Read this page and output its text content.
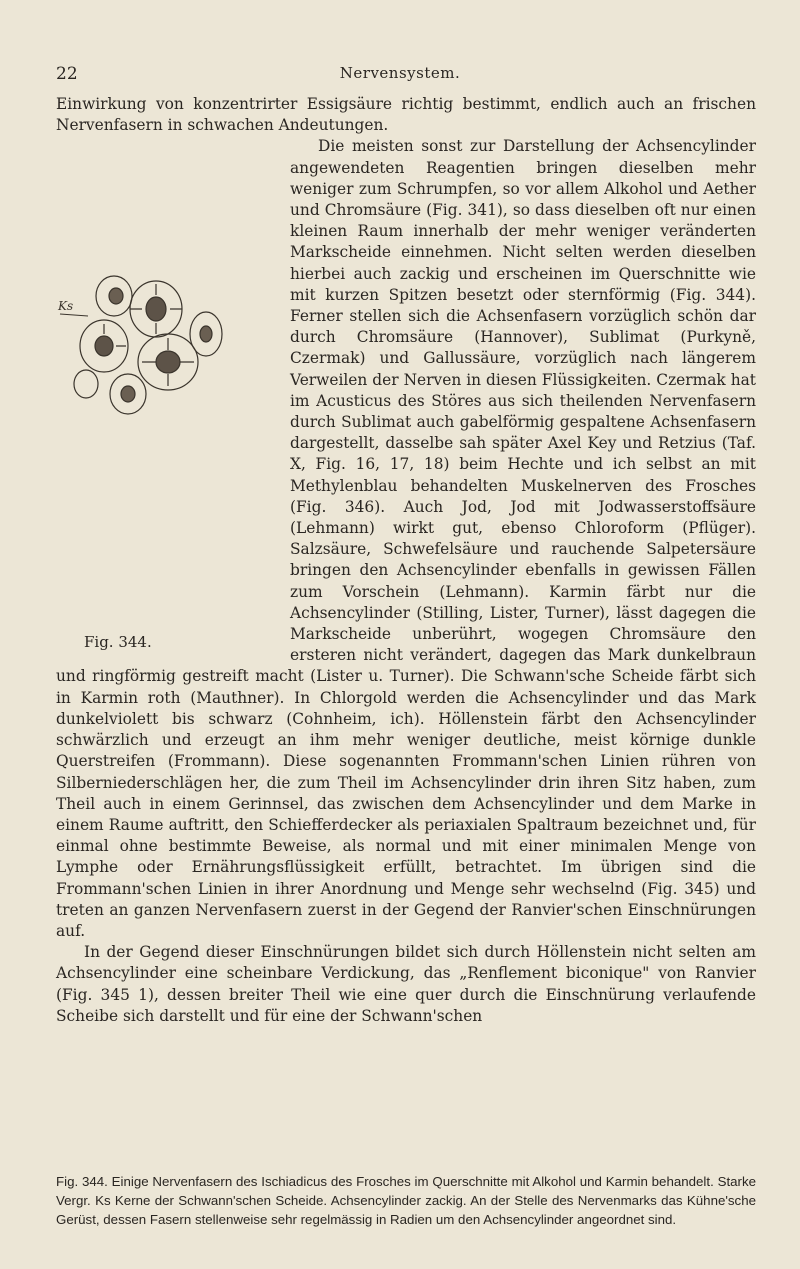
22	Nervensystem.

Einwirkung von konzentrirter Essigsäure richtig bestimmt, endlich auch an frischen Nervenfasern in schwachen Andeutungen.

Ks
Fig. 344.
Die meisten sonst zur Darstellung der Achsencylinder angewendeten Reagentien bringen dieselben mehr weniger zum Schrumpfen, so vor allem Alkohol und Aether und Chromsäure (Fig. 341), so dass dieselben oft nur einen kleinen Raum innerhalb der mehr weniger veränderten Markscheide einnehmen. Nicht selten werden dieselben hierbei auch zackig und erscheinen im Querschnitte wie mit kurzen Spitzen besetzt oder sternförmig (Fig. 344). Ferner stellen sich die Achsenfasern vorzüglich schön dar durch Chromsäure (Hannover), Sublimat (Purkyně, Czermak) und Gallussäure, vorzüglich nach längerem Verweilen der Nerven in diesen Flüssigkeiten. Czermak hat im Acusticus des Störes aus sich theilenden Nervenfasern durch Sublimat auch gabelförmig gespaltene Achsenfasern dargestellt, dasselbe sah später Axel Key und Retzius (Taf. X, Fig. 16, 17, 18) beim Hechte und ich selbst an mit Methylenblau behandelten Muskelnerven des Frosches (Fig. 346). Auch Jod, Jod mit Jodwasserstoffsäure (Lehmann) wirkt gut, ebenso Chloroform (Pflüger). Salzsäure, Schwefelsäure und rauchende Salpetersäure bringen den Achsencylinder ebenfalls in gewissen Fällen zum Vorschein (Lehmann). Karmin färbt nur die Achsencylinder (Stilling, Lister, Turner), lässt dagegen die Markscheide unberührt, wogegen Chromsäure den ersteren nicht verändert, dagegen das Mark dunkelbraun und ringförmig gestreift macht (Lister u. Turner). Die Schwann'sche Scheide färbt sich in Karmin roth (Mauthner). In Chlorgold werden die Achsencylinder und das Mark dunkelviolett bis schwarz (Cohnheim, ich). Höllenstein färbt den Achsencylinder schwärzlich und erzeugt an ihm mehr weniger deutliche, meist körnige dunkle Querstreifen (Frommann). Diese sogenannten Frommann'schen Linien rühren von Silberniederschlägen her, die zum Theil im Achsencylinder drin ihren Sitz haben, zum Theil auch in einem Gerinnsel, das zwischen dem Achsencylinder und dem Marke in einem Raume auftritt, den Schiefferdecker als periaxialen Spaltraum bezeichnet und, für einmal ohne bestimmte Beweise, als normal und mit einer minimalen Menge von Lymphe oder Ernährungsflüssigkeit erfüllt, betrachtet. Im übrigen sind die Frommann'schen Linien in ihrer Anordnung und Menge sehr wechselnd (Fig. 345) und treten an ganzen Nervenfasern zuerst in der Gegend der Ranvier'schen Einschnürungen auf.

In der Gegend dieser Einschnürungen bildet sich durch Höllenstein nicht selten am Achsencylinder eine scheinbare Verdickung, das „Renflement biconique" von Ranvier (Fig. 345 1), dessen breiter Theil wie eine quer durch die Einschnürung verlaufende Scheibe sich darstellt und für eine der Schwann'schen

Fig. 344. Einige Nervenfasern des Ischiadicus des Frosches im Querschnitte mit Alkohol und Karmin behandelt. Starke Vergr. Ks Kerne der Schwann'schen Scheide. Achsencylinder zackig. An der Stelle des Nervenmarks das Kühne'sche Gerüst, dessen Fasern stellenweise sehr regelmässig in Radien um den Achsencylinder angeordnet sind.
